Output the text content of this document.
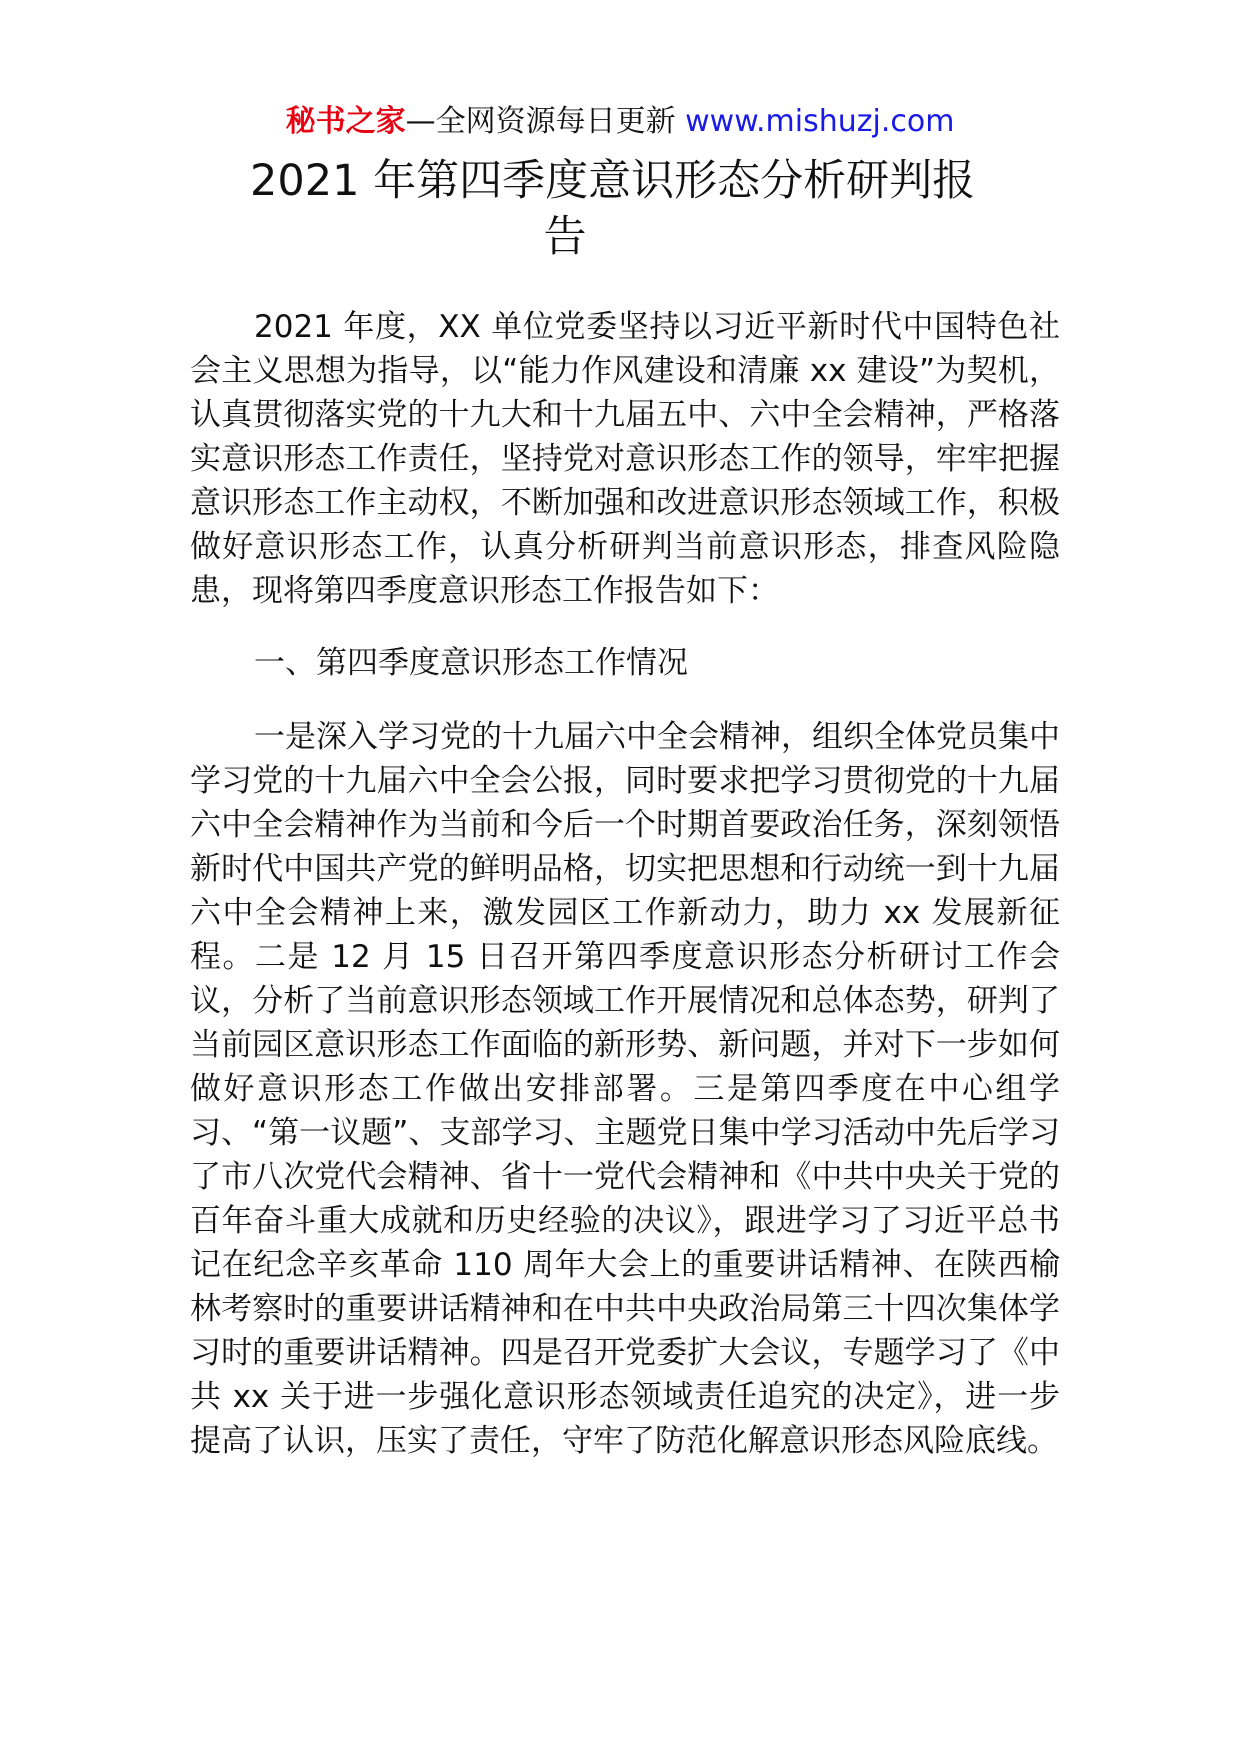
秘书之家—全网资源每日更新 www.mishuzj.com
2021 年第四季度意识形态分析研判报
告

2021 年度，XX 单位党委坚持以习近平新时代中国特色社会主义思想为指导，以“能力作风建设和清廉 xx 建设”为契机，认真贯彻落实党的十九大和十九届五中、六中全会精神，严格落实意识形态工作责任，坚持党对意识形态工作的领导，牢牢把握意识形态工作主动权，不断加强和改进意识形态领域工作，积极做好意识形态工作，认真分析研判当前意识形态，排查风险隐患，现将第四季度意识形态工作报告如下：

一、第四季度意识形态工作情况

一是深入学习党的十九届六中全会精神，组织全体党员集中学习党的十九届六中全会公报，同时要求把学习贯彻党的十九届六中全会精神作为当前和今后一个时期首要政治任务，深刻领悟新时代中国共产党的鲜明品格，切实把思想和行动统一到十九届六中全会精神上来，激发园区工作新动力，助力 xx 发展新征程。二是 12 月 15 日召开第四季度意识形态分析研讨工作会议，分析了当前意识形态领域工作开展情况和总体态势，研判了当前园区意识形态工作面临的新形势、新问题，并对下一步如何做好意识形态工作做出安排部署。三是第四季度在中心组学习、“第一议题”、支部学习、主题党日集中学习活动中先后学习了市八次党代会精神、省十一党代会精神和《中共中央关于党的百年奋斗重大成就和历史经验的决议》，跟进学习了习近平总书记在纪念辛亥革命 110 周年大会上的重要讲话精神、在陕西榆林考察时的重要讲话精神和在中共中央政治局第三十四次集体学习时的重要讲话精神。四是召开党委扩大会议，专题学习了《中共 xx 关于进一步强化意识形态领域责任追究的决定》，进一步提高了认识，压实了责任，守牢了防范化解意识形态风险底线。
